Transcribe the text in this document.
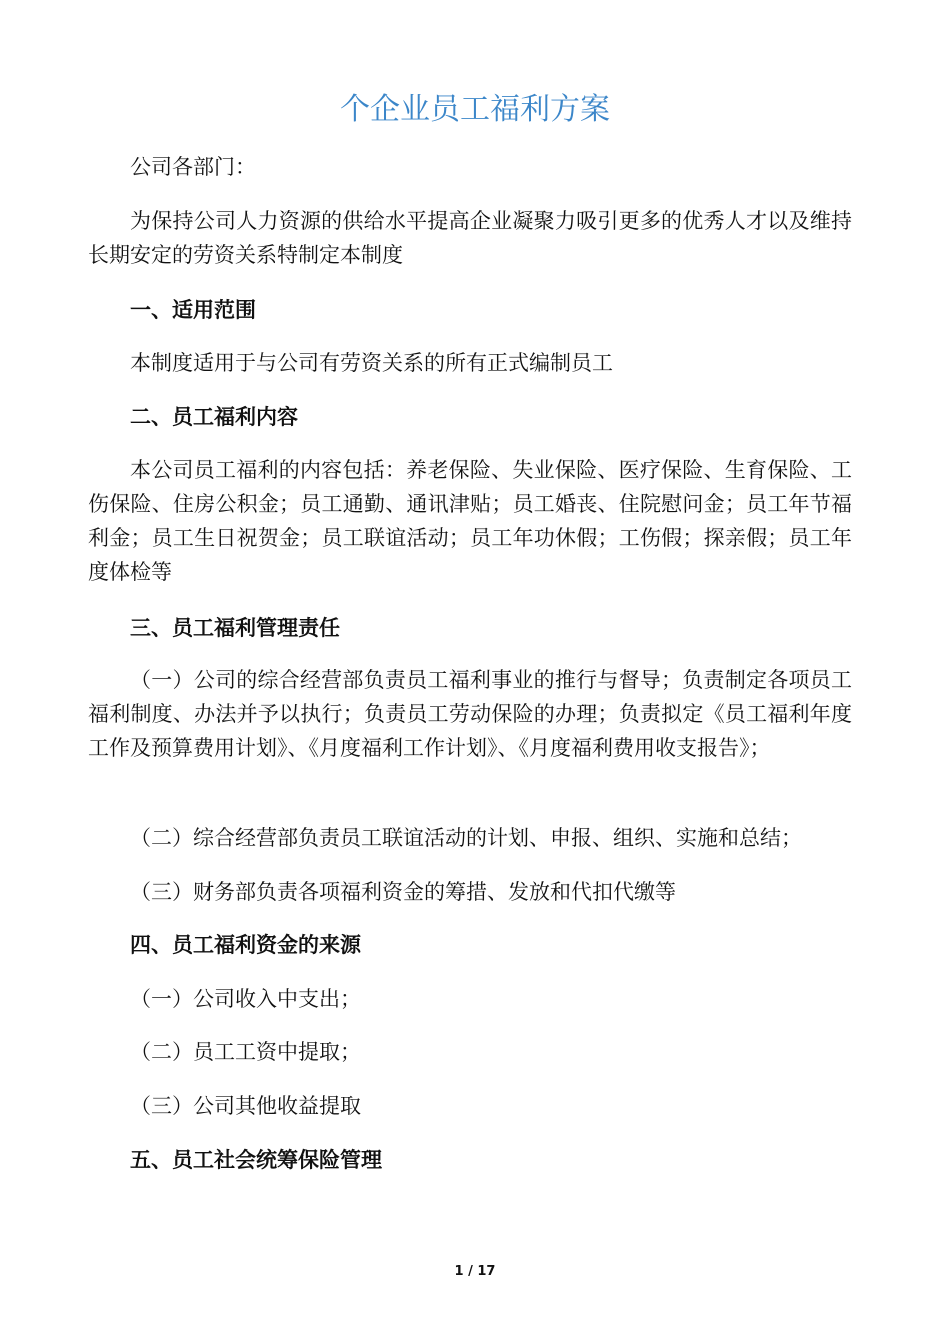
个企业员工福利方案

公司各部门：

为保持公司人力资源的供给水平提高企业凝聚力吸引更多的优秀人才以及维持长期安定的劳资关系特制定本制度

一、适用范围

本制度适用于与公司有劳资关系的所有正式编制员工

二、员工福利内容

本公司员工福利的内容包括：养老保险、失业保险、医疗保险、生育保险、工伤保险、住房公积金；员工通勤、通讯津贴；员工婚丧、住院慰问金；员工年节福利金；员工生日祝贺金；员工联谊活动；员工年功休假；工伤假；探亲假；员工年度体检等

三、员工福利管理责任

（一）公司的综合经营部负责员工福利事业的推行与督导；负责制定各项员工福利制度、办法并予以执行；负责员工劳动保险的办理；负责拟定《员工福利年度工作及预算费用计划》、《月度福利工作计划》、《月度福利费用收支报告》；

（二）综合经营部负责员工联谊活动的计划、申报、组织、实施和总结；

（三）财务部负责各项福利资金的筹措、发放和代扣代缴等

四、员工福利资金的来源

（一）公司收入中支出；

（二）员工工资中提取；

（三）公司其他收益提取

五、员工社会统筹保险管理

1 / 17
